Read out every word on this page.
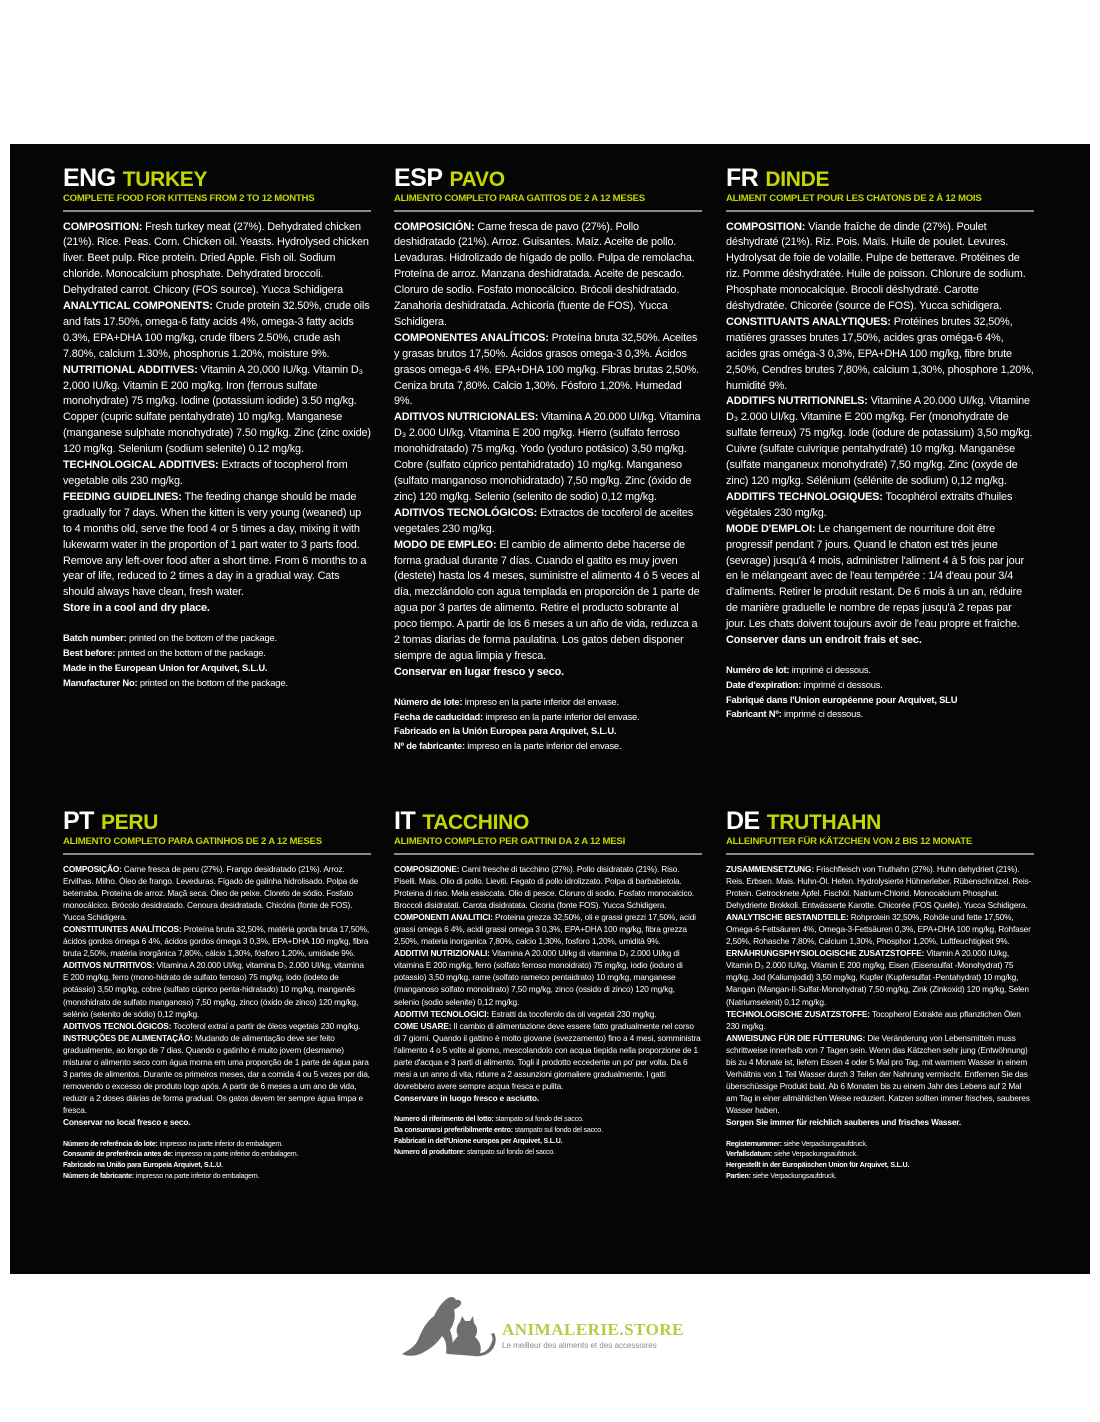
ENG TURKEY
COMPLETE FOOD FOR KITTENS FROM 2 TO 12 MONTHS
COMPOSITION: Fresh turkey meat (27%). Dehydrated chicken (21%). Rice. Peas. Corn. Chicken oil. Yeasts. Hydrolysed chicken liver. Beet pulp. Rice protein. Dried Apple. Fish oil. Sodium chloride. Monocalcium phosphate. Dehydrated broccoli. Dehydrated carrot. Chicory (FOS source). Yucca Schidigera
ANALYTICAL COMPONENTS: Crude protein 32.50%, crude oils and fats 17.50%, omega-6 fatty acids 4%, omega-3 fatty acids 0.3%, EPA+DHA 100 mg/kg, crude fibers 2.50%, crude ash 7.80%, calcium 1.30%, phosphorus 1.20%, moisture 9%.
NUTRITIONAL ADDITIVES: Vitamin A 20,000 IU/kg. Vitamin D₃ 2,000 IU/kg. Vitamin E 200 mg/kg. Iron (ferrous sulfate monohydrate) 75 mg/kg. Iodine (potassium iodide) 3.50 mg/kg. Copper (cupric sulfate pentahydrate) 10 mg/kg. Manganese (manganese sulphate monohydrate) 7.50 mg/kg. Zinc (zinc oxide) 120 mg/kg. Selenium (sodium selenite) 0.12 mg/kg.
TECHNOLOGICAL ADDITIVES: Extracts of tocopherol from vegetable oils 230 mg/kg.
FEEDING GUIDELINES: The feeding change should be made gradually for 7 days. When the kitten is very young (weaned) up to 4 months old, serve the food 4 or 5 times a day, mixing it with lukewarm water in the proportion of 1 part water to 3 parts food. Remove any left-over food after a short time. From 6 months to a year of life, reduced to 2 times a day in a gradual way. Cats should always have clean, fresh water.
Store in a cool and dry place.
Batch number: printed on the bottom of the package.
Best before: printed on the bottom of the package.
Made in the European Union for Arquivet, S.L.U.
Manufacturer No: printed on the bottom of the package.
ESP PAVO
ALIMENTO COMPLETO PARA GATITOS DE 2 A 12 MESES
COMPOSICIÓN: Carne fresca de pavo (27%). Pollo deshidratado (21%). Arroz. Guisantes. Maíz. Aceite de pollo. Levaduras. Hidrolizado de hígado de pollo. Pulpa de remolacha. Proteína de arroz. Manzana deshidratada. Aceite de pescado. Cloruro de sodio. Fosfato monocálcico. Brócoli deshidratado. Zanahoria deshidratada. Achicoria (fuente de FOS). Yucca Schidigera.
COMPONENTES ANALÍTICOS: Proteína bruta 32,50%. Aceites y grasas brutos 17,50%. Ácidos grasos omega-3 0,3%. Ácidos grasos omega-6 4%. EPA+DHA 100 mg/kg. Fibras brutas 2,50%. Ceniza bruta 7,80%. Calcio 1,30%. Fósforo 1,20%. Humedad 9%.
ADITIVOS NUTRICIONALES: Vitamina A 20.000 UI/kg. Vitamina D₃ 2.000 UI/kg. Vitamina E 200 mg/kg. Hierro (sulfato ferroso monohidratado) 75 mg/kg. Yodo (yoduro potásico) 3,50 mg/kg. Cobre (sulfato cúprico pentahidratado) 10 mg/kg. Manganeso (sulfato manganoso monohidratado) 7,50 mg/kg. Zinc (óxido de zinc) 120 mg/kg. Selenio (selenito de sodio) 0,12 mg/kg.
ADITIVOS TECNOLÓGICOS: Extractos de tocoferol de aceites vegetales 230 mg/kg.
MODO DE EMPLEO: El cambio de alimento debe hacerse de forma gradual durante 7 días. Cuando el gatito es muy joven (destete) hasta los 4 meses, suministre el alimento 4 ó 5 veces al día, mezclándolo con agua templada en proporción de 1 parte de agua por 3 partes de alimento. Retire el producto sobrante al poco tiempo. A partir de los 6 meses a un año de vida, reduzca a 2 tomas diarias de forma paulatina. Los gatos deben disponer siempre de agua limpia y fresca.
Conservar en lugar fresco y seco.
Número de lote: impreso en la parte inferior del envase.
Fecha de caducidad: impreso en la parte inferior del envase.
Fabricado en la Unión Europea para Arquivet, S.L.U.
Nº de fabricante: impreso en la parte inferior del envase.
FR DINDE
ALIMENT COMPLET POUR LES CHATONS DE 2 À 12 MOIS
COMPOSITION: Viande fraîche de dinde (27%). Poulet déshydraté (21%). Riz. Pois. Maïs. Huile de poulet. Levures. Hydrolysat de foie de volaille. Pulpe de betterave. Protéines de riz. Pomme déshydratée. Huile de poisson. Chlorure de sodium. Phosphate monocalcique. Brocoli déshydraté. Carotte déshydratée. Chicorée (source de FOS). Yucca schidigera.
CONSTITUANTS ANALYTIQUES: Protéines brutes 32,50%, matières grasses brutes 17,50%, acides gras oméga-6 4%, acides gras oméga-3 0,3%, EPA+DHA 100 mg/kg, fibre brute 2,50%, Cendres brutes 7,80%, calcium 1,30%, phosphore 1,20%, humidité 9%.
ADDITIFS NUTRITIONNELS: Vitamine A 20.000 UI/kg. Vitamine D₃ 2.000 UI/kg. Vitamine E 200 mg/kg. Fer (monohydrate de sulfate ferreux) 75 mg/kg. Iode (iodure de potassium) 3,50 mg/kg. Cuivre (sulfate cuivrique pentahydraté) 10 mg/kg. Manganèse (sulfate manganeux monohydraté) 7,50 mg/kg. Zinc (oxyde de zinc) 120 mg/kg. Sélénium (sélénite de sodium) 0,12 mg/kg.
ADDITIFS TECHNOLOGIQUES: Tocophérol extraits d'huiles végétales 230 mg/kg.
MODE D'EMPLOI: Le changement de nourriture doit être progressif pendant 7 jours. Quand le chaton est très jeune (sevrage) jusqu'à 4 mois, administrer l'aliment 4 à 5 fois par jour en le mélangeant avec de l'eau tempérée : 1/4 d'eau pour 3/4 d'aliments. Retirer le produit restant. De 6 mois à un an, réduire de manière graduelle le nombre de repas jusqu'à 2 repas par jour. Les chats doivent toujours avoir de l'eau propre et fraîche.
Conserver dans un endroit frais et sec.
Numéro de lot: imprimé ci dessous.
Date d'expiration: imprimé ci dessous.
Fabriqué dans l'Union européenne pour Arquivet, SLU
Fabricant Nº: imprimé ci dessous.
PT PERU
ALIMENTO COMPLETO PARA GATINHOS DE 2 A 12 MESES
COMPOSIÇÃO: Carne fresca de peru (27%). Frango desidratado (21%). Arroz. Ervilhas. Milho. Óleo de frango. Leveduras. Fígado de galinha hidrolisado. Polpa de beterraba. Proteína de arroz. Maçã seca. Óleo de peixe. Cloreto de sódio. Fosfato monocálcico. Brócolo desidratado. Cenoura desidratada. Chicória (fonte de FOS). Yucca Schidigera.
CONSTITUINTES ANALÍTICOS: Proteína bruta 32,50%, matéria gorda bruta 17,50%, ácidos gordos ómega 6 4%, ácidos gordos ómega 3 0,3%, EPA+DHA 100 mg/kg, fibra bruta 2,50%, matéria inorgânica 7,80%, cálcio 1,30%, fósforo 1,20%, umidade 9%.
ADITIVOS NUTRITIVOS: Vitamina A 20.000 UI/kg, vitamina D₃ 2.000 UI/kg, vitamina E 200 mg/kg, ferro (mono-hidrato de sulfato ferroso) 75 mg/kg, iodo (iodeto de potássio) 3,50 mg/kg, cobre (sulfato cúprico penta-hidratado) 10 mg/kg, manganês (monohidrato de sulfato manganoso) 7,50 mg/kg, zinco (óxido de zinco) 120 mg/kg, selénio (selenito de sódio) 0,12 mg/kg.
ADITIVOS TECNOLÓGICOS: Tocoferol extraí a partir de óleos vegetais 230 mg/kg.
INSTRUÇÕES DE ALIMENTAÇÃO: Mudando de alimentação deve ser feito gradualmente, ao longo de 7 dias. Quando o gatinho é muito jovem (desmame) misturar o alimento seco com água morna em uma proporção de 1 parte de água para 3 partes de alimentos. Durante os primeiros meses, dar a comida 4 ou 5 vezes por dia, removendo o excesso de produto logo após. A partir de 6 meses a um ano de vida, reduzir a 2 doses diárias de forma gradual. Os gatos devem ter sempre água limpa e fresca.
Conservar no local fresco e seco.
Número de referência do lote: impresso na parte inferior do embalagem.
Consumir de preferência antes de: impresso na parte inferior do embalagem.
Fabricado na União para Europeia Arquivet, S.L.U.
Número de fabricante: impresso na parte inferior do embalagem.
IT TACCHINO
ALIMENTO COMPLETO PER GATTINI DA 2 A 12 MESI
COMPOSIZIONE: Carni fresche di tacchino (27%). Pollo disidratato (21%). Riso. Piselli. Mais. Olio di pollo. Lieviti. Fegato di pollo idrolizzato. Polpa di barbabietola. Proteina di riso. Mela essiccata. Olio di pesce. Cloruro di sodio. Fosfato monocalcico. Broccoli disidratati. Carota disidratata. Cicoria (fonte FOS). Yucca Schidigera.
COMPONENTI ANALITICI: Proteina grezza 32,50%, oli e grassi grezzi 17,50%, acidi grassi omega 6 4%, acidi grassi omega 3 0,3%, EPA+DHA 100 mg/kg, fibra grezza 2,50%, materia inorganica 7,80%, calcio 1,30%, fosforo 1,20%, umidità 9%.
ADDITIVI NUTRIZIONALI: Vitamina A 20.000 UI/kg di vitamina D₃ 2.000 UI/kg di vitamina E 200 mg/kg, ferro (solfato ferroso monoidrato) 75 mg/kg, iodio (ioduro di potassio) 3,50 mg/kg, rame (solfato rameico pentaidrato) 10 mg/kg, manganese (manganoso solfato monoidrato) 7,50 mg/kg, zinco (ossido di zinco) 120 mg/kg, selenio (sodio selenite) 0,12 mg/kg.
ADDITIVI TECNOLOGICI: Estratti da tocoferolo da oli vegetali 230 mg/kg.
COME USARE: Il cambio di alimentazione deve essere fatto gradualmente nel corso di 7 giorni. Quando il gattino è molto giovane (svezzamento) fino a 4 mesi, somministra l'alimento 4 o 5 volte al giorno, mescolandolo con acqua tiepida nella proporzione de 1 parte d'acqua e 3 parti di alimento. Togli il prodotto eccedente un po' per volta. Da 6 mesi a un anno di vita, ridurre a 2 assunzioni giornaliere gradualmente. I gatti dovrebbero avere sempre acqua fresca e pulita.
Conservare in luogo fresco e asciutto.
Numero di riferimento del lotto: stampato sul fondo del sacco.
Da consumarsi preferibilmente entro: stampato sul fondo del sacco.
Fabbricati in dell'Unione europea per Arquivet, S.L.U.
Numero di produttore: stampato sul fondo del sacco.
DE TRUTHAHN
ALLEINFUTTER FÜR KÄTZCHEN VON 2 BIS 12 MONATE
ZUSAMMENSETZUNG: Frischfleisch von Truthahn (27%). Huhn dehydriert (21%). Reis. Erbsen. Mais. Huhn-Öl. Hefen. Hydrolysierte Hühnerleber. Rübenschnitzel. Reis-Protein. Getrocknete Äpfel. Fischöl. Natrium-Chlorid. Monocalcium Phosphat. Dehydrierte Brokkoli. Entwässerte Karotte. Chicorée (FOS Quelle). Yucca Schidigera.
ANALYTISCHE BESTANDTEILE: Rohprotein 32,50%, Rohöle und fette 17,50%, Omega-6-Fettsäuren 4%, Omega-3-Fettsäuren 0,3%, EPA+DHA 100 mg/kg, Rohfaser 2,50%, Rohasche 7,80%, Calcium 1,30%, Phosphor 1,20%, Luftfeuchtigkeit 9%.
ERNÄHRUNGSPHYSIOLOGISCHE ZUSATZSTOFFE: Vitamin A 20.000 IU/kg, Vitamin D₃ 2.000 IU/kg, Vitamin E 200 mg/kg, Eisen (Eisensulfat -Monohydrat) 75 mg/kg, Jod (Kaliumjodid) 3,50 mg/kg, Kupfer (Kupfersulfat -Pentahydrat) 10 mg/kg, Mangan (Mangan-II-Sulfat-Monohydrat) 7,50 mg/kg, Zink (Zinkoxid) 120 mg/kg, Selen (Natriumselenit) 0,12 mg/kg.
TECHNOLOGISCHE ZUSATZSTOFFE: Tocopherol Extrakte aus pflanzlichen Ölen 230 mg/kg.
ANWEISUNG FÜR DIE FÜTTERUNG: Die Veränderung von Lebensmitteln muss schrittweise innerhalb von 7 Tagen sein. Wenn das Kätzchen sehr jung (Entwöhnung) bis zu 4 Monate ist, liefern Essen 4 oder 5 Mal pro Tag, mit warmem Wasser in einem Verhältnis von 1 Teil Wasser durch 3 Teilen der Nahrung vermischt. Entfernen Sie das überschüssige Produkt bald. Ab 6 Monaten bis zu einem Jahr des Lebens auf 2 Mal am Tag in einer allmählichen Weise reduziert. Katzen sollten immer frisches, sauberes Wasser haben.
Sorgen Sie immer für reichlich sauberes und frisches Wasser.
Registernummer: siehe Verpackungsaufdruck.
Verfallsdatum: siehe Verpackungsaufdruck.
Hergestellt in der Europäischen Union für Arquivet, S.L.U.
Partien: siehe Verpackungsaufdruck.
ANIMALERIE.STORE
Le meilleur des aliments et des accessoires
